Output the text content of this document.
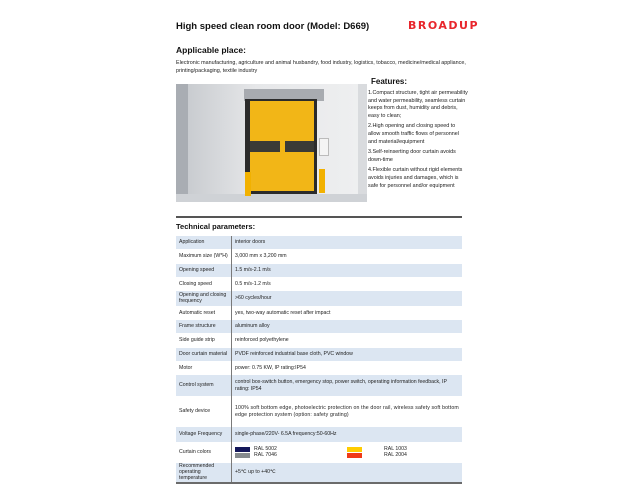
High speed clean room door (Model: D669)	BROADUP
Applicable place:
Electronic manufacturing, agriculture and animal husbandry, food industry, logistics, tobacco, medicine/medical appliance, printing/packaging, textile industry
Features:

1.Compact structure, tight air permeability and water permeability, seamless curtain keeps from dust, humidity and debris, easy to clean;

2.High opening and closing speed to allow smooth traffic flows of personnel and material/equipment

3.Self-reinserting door curtain avoids down-time

4.Flexible curtain without rigid elements avoids injuries and damages, which is safe for personnel and/or equipment

Technical parameters:
Application	interior doors
Maximum size (W*H)	3,000 mm x 3,200 mm
Opening speed	1.5 m/s-2.1 m/s
Closing speed	0.5 m/s-1.2 m/s
Opening and closing frequency	>60 cycles/hour
Automatic reset	yes, two-way automatic reset after impact
Frame structure	aluminum alloy
Side guide strip	reinforced polyethylene
Door curtain material	PVDF reinforced industrial base cloth, PVC window
Motor	power: 0.75 KW, IP rating:IP54
Control system	control box-switch button, emergency stop, power switch, operating information feedback, IP rating: IP54
Safety device	100% soft bottom edge, photoelectric protection on the door rail, wireless safety soft bottom edge protection system (option: safety grating)
Voltage Frequency	single-phase/220V- 6.5A frequency:50-60Hz
Curtain colors	RAL 5002
RAL 7046
RAL 1003
RAL 2004

Recommended operating temperature	+5℃ up to +40℃
